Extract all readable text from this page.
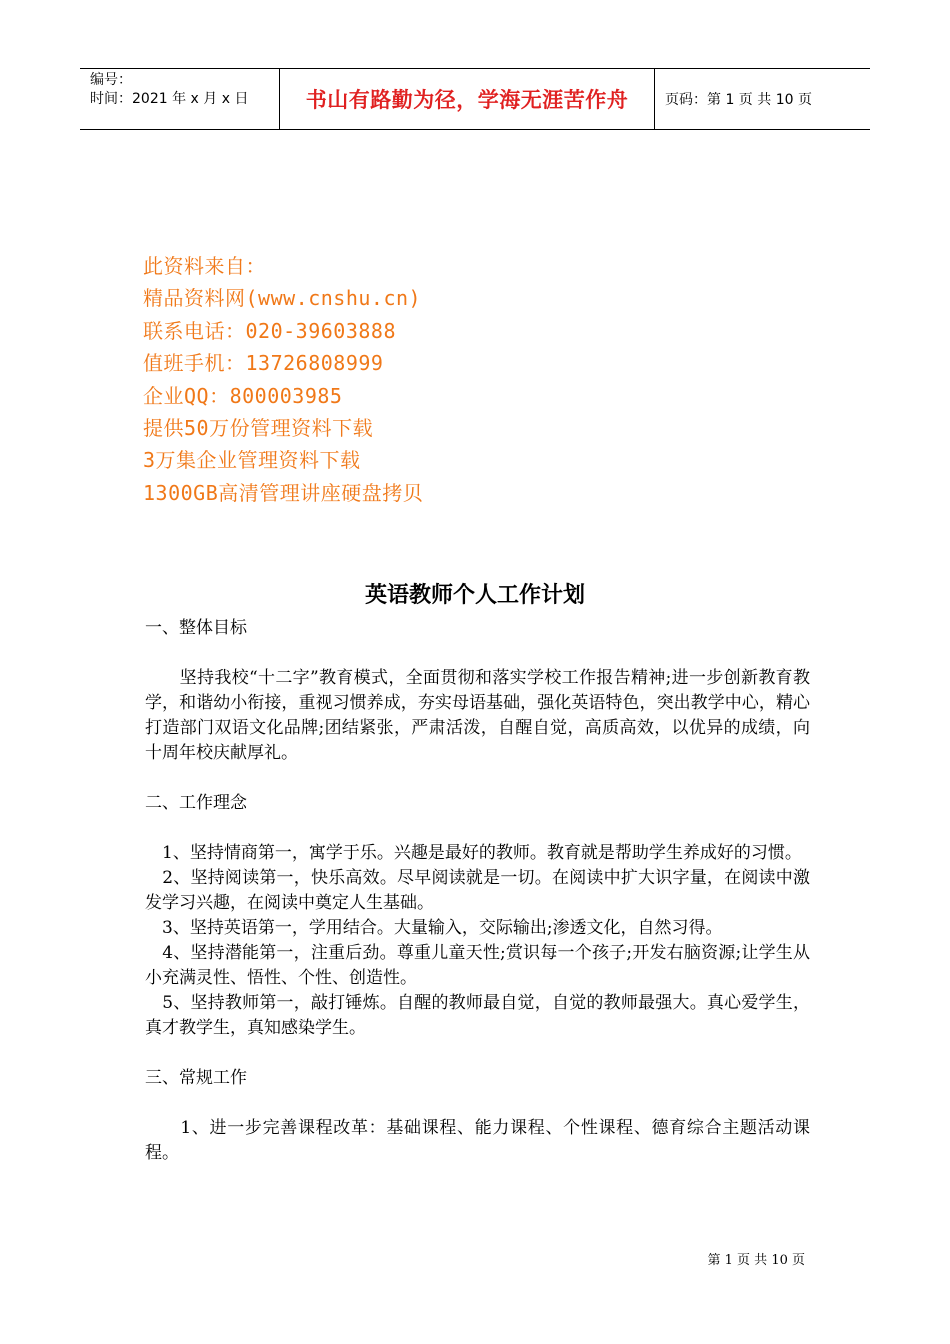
编号：
时间：2021 年 x 月 x 日	书山有路勤为径，学海无涯苦作舟	页码：第 1 页 共 10 页
此资料来自：
精品资料网(www.cnshu.cn)
联系电话：020-39603888
值班手机：13726808999
企业QQ：800003985
提供50万份管理资料下载
3万集企业管理资料下载
1300GB高清管理讲座硬盘拷贝
英语教师个人工作计划

一、整体目标

　　坚持我校“十二字”教育模式，全面贯彻和落实学校工作报告精神;进一步创新教育教学，和谐幼小衔接，重视习惯养成，夯实母语基础，强化英语特色，突出教学中心，精心打造部门双语文化品牌;团结紧张，严肃活泼，自醒自觉，高质高效，以优异的成绩，向十周年校庆献厚礼。

二、工作理念

　1、坚持情商第一，寓学于乐。兴趣是最好的教师。教育就是帮助学生养成好的习惯。

　2、坚持阅读第一，快乐高效。尽早阅读就是一切。在阅读中扩大识字量，在阅读中激发学习兴趣，在阅读中奠定人生基础。

　3、坚持英语第一，学用结合。大量输入，交际输出;渗透文化，自然习得。

　4、坚持潜能第一，注重后劲。尊重儿童天性;赏识每一个孩子;开发右脑资源;让学生从小充满灵性、悟性、个性、创造性。

　5、坚持教师第一，敲打锤炼。自醒的教师最自觉，自觉的教师最强大。真心爱学生，真才教学生，真知感染学生。

三、常规工作

　　1、进一步完善课程改革：基础课程、能力课程、个性课程、德育综合主题活动课程。

第 1 页 共 10 页
